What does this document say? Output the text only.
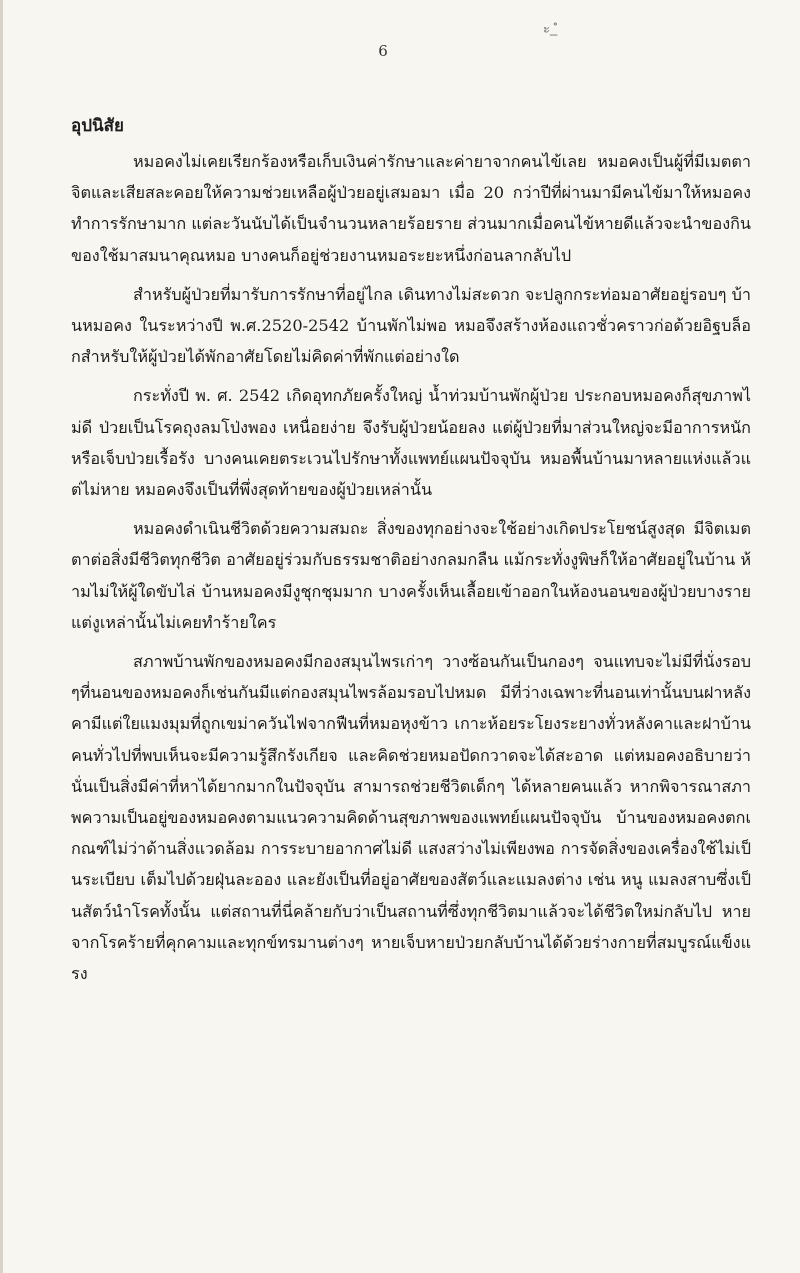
ะ_ํ
6
อุปนิสัย

หมอคงไม่เคยเรียกร้องหรือเก็บเงินค่ารักษาและค่ายาจากคนไข้เลย หมอคงเป็นผู้ที่มีเมตตาจิตและเสียสละคอยให้ความช่วยเหลือผู้ป่วยอยู่เสมอมา เมื่อ 20 กว่าปีที่ผ่านมามีคนไข้มาให้หมอคงทำการรักษามาก แต่ละวันนับได้เป็นจำนวนหลายร้อยราย ส่วนมากเมื่อคนไข้หายดีแล้วจะนำของกินของใช้มาสมนาคุณหมอ บางคนก็อยู่ช่วยงานหมอระยะหนึ่งก่อนลากลับไป

สำหรับผู้ป่วยที่มารับการรักษาที่อยู่ไกล เดินทางไม่สะดวก จะปลูกกระท่อมอาศัยอยู่รอบๆ บ้านหมอคง ในระหว่างปี พ.ศ.2520-2542 บ้านพักไม่พอ หมอจึงสร้างห้องแถวชั่วคราวก่อด้วยอิฐบล็อกสำหรับให้ผู้ป่วยได้พักอาศัยโดยไม่คิดค่าที่พักแต่อย่างใด

กระทั่งปี พ. ศ. 2542 เกิดอุทกภัยครั้งใหญ่ น้ำท่วมบ้านพักผู้ป่วย ประกอบหมอคงก็สุขภาพไม่ดี ป่วยเป็นโรคถุงลมโป่งพอง เหนื่อยง่าย จึงรับผู้ป่วยน้อยลง แต่ผู้ป่วยที่มาส่วนใหญ่จะมีอาการหนัก หรือเจ็บป่วยเรื้อรัง บางคนเคยตระเวนไปรักษาทั้งแพทย์แผนปัจจุบัน หมอพื้นบ้านมาหลายแห่งแล้วแต่ไม่หาย หมอคงจึงเป็นที่พึ่งสุดท้ายของผู้ป่วยเหล่านั้น

หมอคงดำเนินชีวิตด้วยความสมถะ สิ่งของทุกอย่างจะใช้อย่างเกิดประโยชน์สูงสุด มีจิตเมตตาต่อสิ่งมีชีวิตทุกชีวิต อาศัยอยู่ร่วมกับธรรมชาติอย่างกลมกลืน แม้กระทั่งงูพิษก็ให้อาศัยอยู่ในบ้าน ห้ามไม่ให้ผู้ใดขับไล่ บ้านหมอคงมีงูชุกชุมมาก บางครั้งเห็นเลื้อยเข้าออกในห้องนอนของผู้ป่วยบางราย แต่งูเหล่านั้นไม่เคยทำร้ายใคร

สภาพบ้านพักของหมอคงมีกองสมุนไพรเก่าๆ วางซ้อนกันเป็นกองๆ จนแทบจะไม่มีที่นั่งรอบๆที่นอนของหมอคงก็เช่นกันมีแต่กองสมุนไพรล้อมรอบไปหมด มีที่ว่างเฉพาะที่นอนเท่านั้นบนฝาหลังคามีแต่ใยแมงมุมที่ถูกเขม่าควันไฟจากฟืนที่หมอหุงข้าว เกาะห้อยระโยงระยางทั่วหลังคาและฝาบ้าน คนทั่วไปที่พบเห็นจะมีความรู้สึกรังเกียจ และคิดช่วยหมอปัดกวาดจะได้สะอาด แต่หมอคงอธิบายว่านั่นเป็นสิ่งมีค่าที่หาได้ยากมากในปัจจุบัน สามารถช่วยชีวิตเด็กๆ ได้หลายคนแล้ว หากพิจารณาสภาพความเป็นอยู่ของหมอคงตามแนวความคิดด้านสุขภาพของแพทย์แผนปัจจุบัน บ้านของหมอคงตกเกณฑ์ไม่ว่าด้านสิ่งแวดล้อม การระบายอากาศไม่ดี แสงสว่างไม่เพียงพอ การจัดสิ่งของเครื่องใช้ไม่เป็นระเบียบ เต็มไปด้วยฝุ่นละออง และยังเป็นที่อยู่อาศัยของสัตว์และแมลงต่าง เช่น หนู แมลงสาบซึ่งเป็นสัตว์นำโรคทั้งนั้น แต่สถานที่นี่คล้ายกับว่าเป็นสถานที่ซึ่งทุกชีวิตมาแล้วจะได้ชีวิตใหม่กลับไป หายจากโรคร้ายที่คุกคามและทุกข์ทรมานต่างๆ หายเจ็บหายป่วยกลับบ้านได้ด้วยร่างกายที่สมบูรณ์แข็งแรง
